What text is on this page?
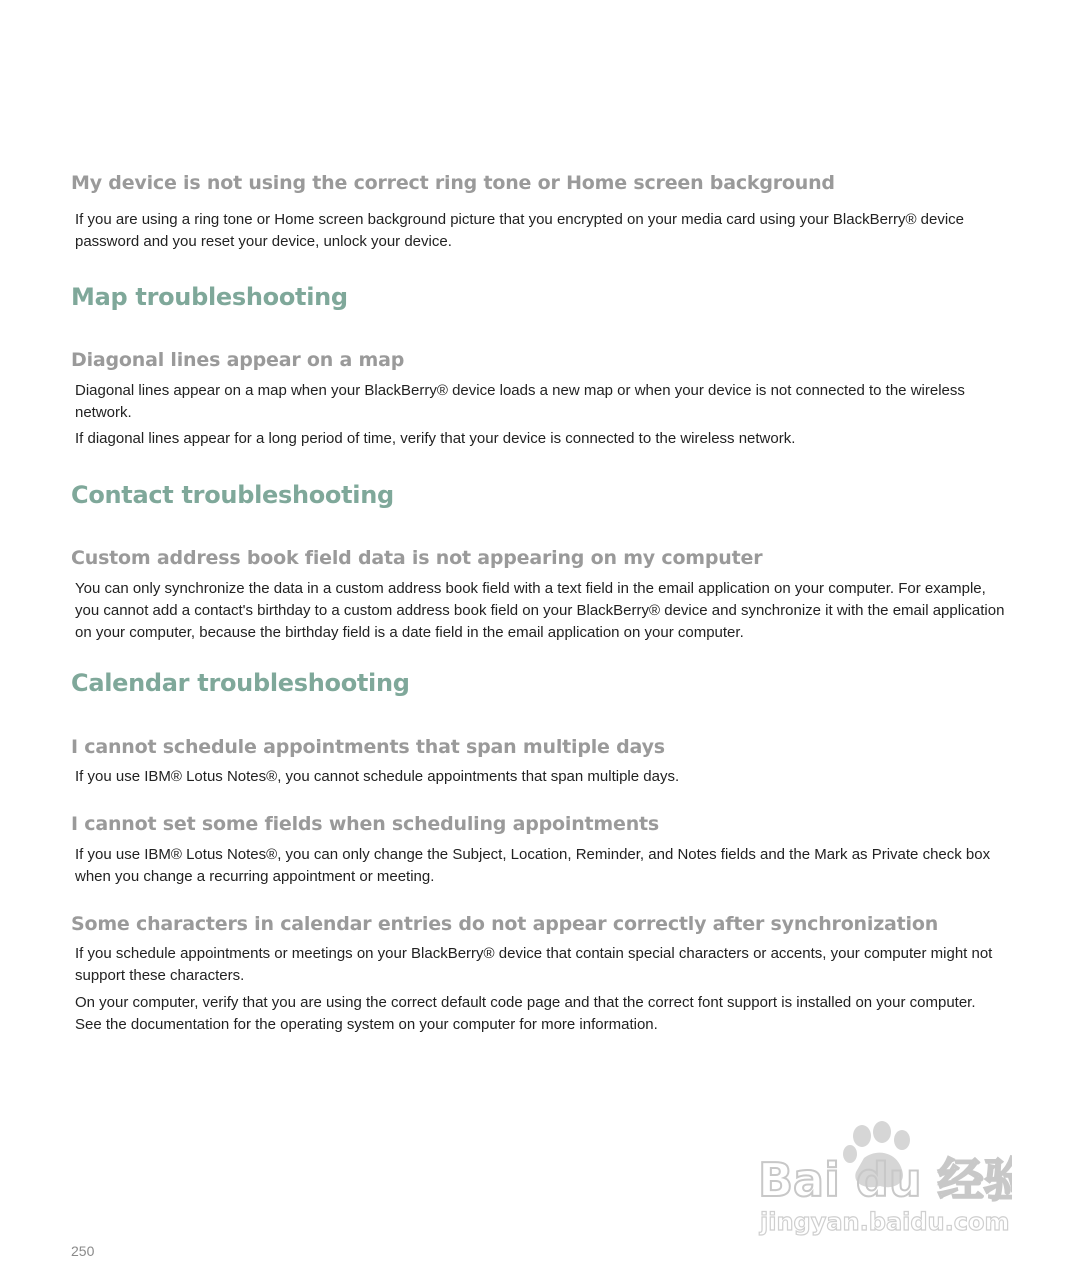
My device is not using the correct ring tone or Home screen background

If you are using a ring tone or Home screen background picture that you encrypted on your media card using your BlackBerry® device password and you reset your device, unlock your device.

Map troubleshooting
Diagonal lines appear on a map

Diagonal lines appear on a map when your BlackBerry® device loads a new map or when your device is not connected to the wireless network.

If diagonal lines appear for a long period of time, verify that your device is connected to the wireless network.

Contact troubleshooting
Custom address book field data is not appearing on my computer

You can only synchronize the data in a custom address book field with a text field in the email application on your computer. For example, you cannot add a contact's birthday to a custom address book field on your BlackBerry® device and synchronize it with the email application on your computer, because the birthday field is a date field in the email application on your computer.

Calendar troubleshooting
I cannot schedule appointments that span multiple days

If you use IBM® Lotus Notes®, you cannot schedule appointments that span multiple days.

I cannot set some fields when scheduling appointments

If you use IBM® Lotus Notes®, you can only change the Subject, Location, Reminder, and Notes fields and the Mark as Private check box when you change a recurring appointment or meeting.

Some characters in calendar entries do not appear correctly after synchronization

If you schedule appointments or meetings on your BlackBerry® device that contain special characters or accents, your computer might not support these characters.

On your computer, verify that you are using the correct default code page and that the correct font support is installed on your computer. See the documentation for the operating system on your computer for more information.

Bai du 经验
jingyan.baidu.com
250
